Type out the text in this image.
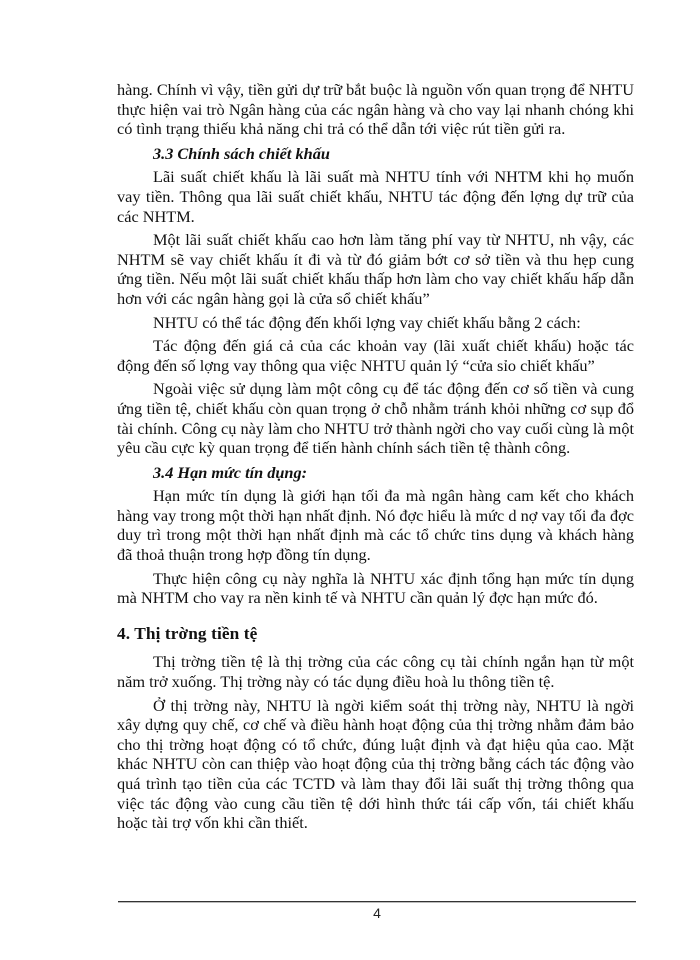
hàng. Chính vì vậy, tiền gửi dự trữ bắt buộc là nguồn vốn quan trọng để NHTU thực hiện vai trò Ngân hàng của các ngân hàng và cho vay lại nhanh chóng khi có tình trạng thiếu khả năng chi trả có thể dẫn tới việc rút tiền gửi ra.

3.3 Chính sách chiết khấu

Lãi suất chiết khấu là lãi suất mà NHTU tính với NHTM khi họ muốn vay tiền. Thông qua lãi suất chiết khấu, NHTU tác động đến lợng dự trữ của các NHTM.

Một lãi suất chiết khấu cao hơn làm tăng phí vay từ NHTU, nh vậy, các NHTM sẽ vay chiết khấu ít đi và từ đó giảm bớt cơ sở tiền và thu hẹp cung ứng tiền. Nếu một lãi suất chiết khấu thấp hơn làm cho vay chiết khấu hấp dẫn hơn với các ngân hàng gọi là cửa sổ chiết khấu”

NHTU có thể tác động đến khối lợng vay chiết khấu bằng 2 cách:

Tác động đến giá cả của các khoản vay (lãi xuất chiết khấu) hoặc tác động đến số lợng vay thông qua việc NHTU quản lý “cửa sỉo chiết khấu”

Ngoài việc sử dụng làm một công cụ để tác động đến cơ số tiền và cung ứng tiền tệ, chiết khấu còn quan trọng ở chỗ nhằm tránh khỏi những cơ sụp đổ tài chính. Công cụ này làm cho NHTU trở thành ngời cho vay cuối cùng là một yêu cầu cực kỳ quan trọng để tiến hành chính sách tiền tệ thành công.

3.4 Hạn mức tín dụng:

Hạn mức tín dụng là giới hạn tối đa mà ngân hàng cam kết cho khách hàng vay trong một thời hạn nhất định. Nó đợc hiểu là mức d nợ vay tối đa đợc duy trì trong một thời hạn nhất định mà các tổ chức tins dụng và khách hàng đã thoả thuận trong hợp đồng tín dụng.

Thực hiện công cụ này nghĩa là NHTU xác định tổng hạn mức tín dụng mà NHTM cho vay ra nền kinh tế và NHTU cần quản lý đợc hạn mức đó.

4. Thị trờng tiền tệ

Thị trờng tiền tệ là thị trờng của các công cụ tài chính ngắn hạn từ một năm trở xuống. Thị trờng này có tác dụng điều hoà lu thông tiền tệ.

Ở thị trờng này, NHTU là ngời kiểm soát thị trờng này, NHTU là ngời xây dựng quy chế, cơ chế và điều hành hoạt động của thị trờng nhằm đảm bảo cho thị trờng hoạt động có tổ chức, đúng luật định và đạt hiệu qủa cao. Mặt khác NHTU còn can thiệp vào hoạt động của thị trờng bằng cách tác động vào quá trình tạo tiền của các TCTD và làm thay đổi lãi suất thị trờng thông qua việc tác động vào cung cầu tiền tệ dới hình thức tái cấp vốn, tái chiết khấu hoặc tài trợ vốn khi cần thiết.

4
